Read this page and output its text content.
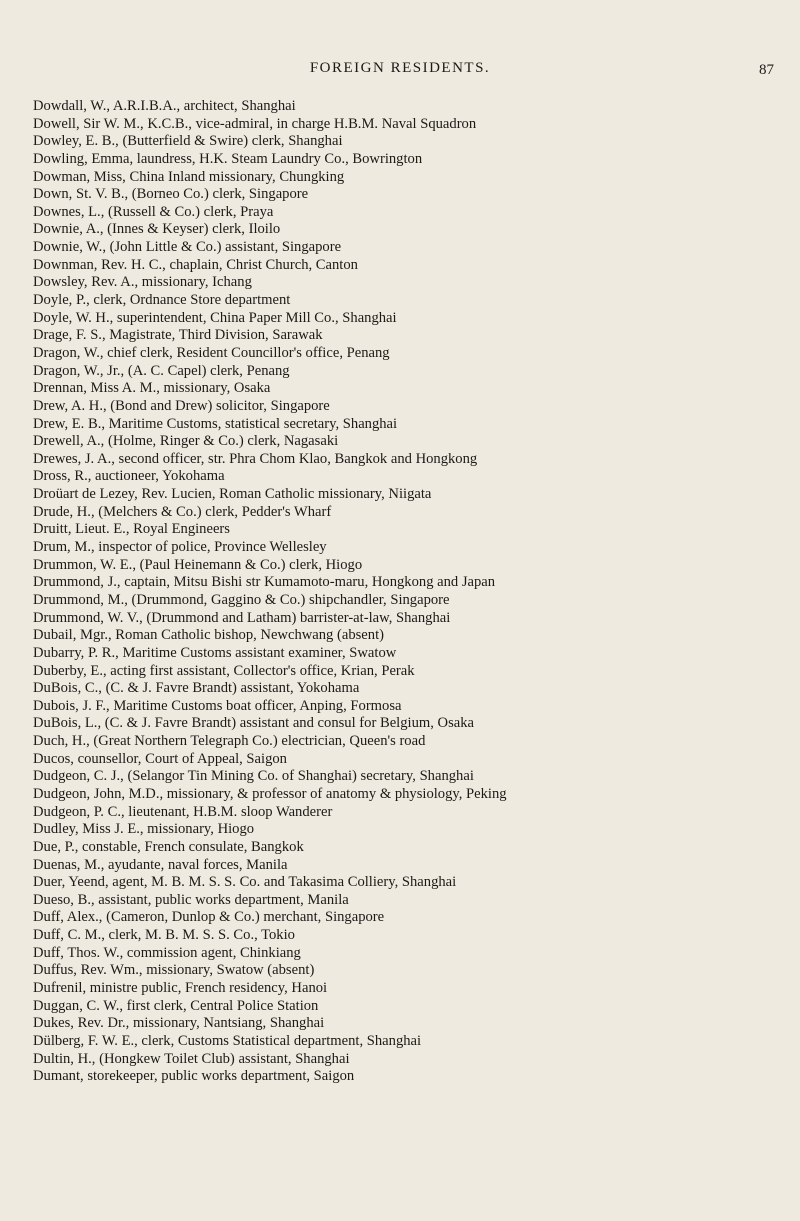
FOREIGN RESIDENTS.	87
Dowdall, W., A.R.I.B.A., architect, Shanghai
Dowell, Sir W. M., K.C.B., vice-admiral, in charge H.B.M. Naval Squadron
Dowley, E. B., (Butterfield & Swire) clerk, Shanghai
Dowling, Emma, laundress, H.K. Steam Laundry Co., Bowrington
Dowman, Miss, China Inland missionary, Chungking
Down, St. V. B., (Borneo Co.) clerk, Singapore
Downes, L., (Russell & Co.) clerk, Praya
Downie, A., (Innes & Keyser) clerk, Iloilo
Downie, W., (John Little & Co.) assistant, Singapore
Downman, Rev. H. C., chaplain, Christ Church, Canton
Dowsley, Rev. A., missionary, Ichang
Doyle, P., clerk, Ordnance Store department
Doyle, W. H., superintendent, China Paper Mill Co., Shanghai
Drage, F. S., Magistrate, Third Division, Sarawak
Dragon, W., chief clerk, Resident Councillor's office, Penang
Dragon, W., Jr., (A. C. Capel) clerk, Penang
Drennan, Miss A. M., missionary, Osaka
Drew, A. H., (Bond and Drew) solicitor, Singapore
Drew, E. B., Maritime Customs, statistical secretary, Shanghai
Drewell, A., (Holme, Ringer & Co.) clerk, Nagasaki
Drewes, J. A., second officer, str. Phra Chom Klao, Bangkok and Hongkong
Dross, R., auctioneer, Yokohama
Droüart de Lezey, Rev. Lucien, Roman Catholic missionary, Niigata
Drude, H., (Melchers & Co.) clerk, Pedder's Wharf
Druitt, Lieut. E., Royal Engineers
Drum, M., inspector of police, Province Wellesley
Drummon, W. E., (Paul Heinemann & Co.) clerk, Hiogo
Drummond, J., captain, Mitsu Bishi str Kumamoto-maru, Hongkong and Japan
Drummond, M., (Drummond, Gaggino & Co.) shipchandler, Singapore
Drummond, W. V., (Drummond and Latham) barrister-at-law, Shanghai
Dubail, Mgr., Roman Catholic bishop, Newchwang (absent)
Dubarry, P. R., Maritime Customs assistant examiner, Swatow
Duberby, E., acting first assistant, Collector's office, Krian, Perak
DuBois, C., (C. & J. Favre Brandt) assistant, Yokohama
Dubois, J. F., Maritime Customs boat officer, Anping, Formosa
DuBois, L., (C. & J. Favre Brandt) assistant and consul for Belgium, Osaka
Duch, H., (Great Northern Telegraph Co.) electrician, Queen's road
Ducos, counsellor, Court of Appeal, Saigon
Dudgeon, C. J., (Selangor Tin Mining Co. of Shanghai) secretary, Shanghai
Dudgeon, John, M.D., missionary, & professor of anatomy & physiology, Peking
Dudgeon, P. C., lieutenant, H.B.M. sloop Wanderer
Dudley, Miss J. E., missionary, Hiogo
Due, P., constable, French consulate, Bangkok
Duenas, M., ayudante, naval forces, Manila
Duer, Yeend, agent, M. B. M. S. S. Co. and Takasima Colliery, Shanghai
Dueso, B., assistant, public works department, Manila
Duff, Alex., (Cameron, Dunlop & Co.) merchant, Singapore
Duff, C. M., clerk, M. B. M. S. S. Co., Tokio
Duff, Thos. W., commission agent, Chinkiang
Duffus, Rev. Wm., missionary, Swatow (absent)
Dufrenil, ministre public, French residency, Hanoi
Duggan, C. W., first clerk, Central Police Station
Dukes, Rev. Dr., missionary, Nantsiang, Shanghai
Dülberg, F. W. E., clerk, Customs Statistical department, Shanghai
Dultin, H., (Hongkew Toilet Club) assistant, Shanghai
Dumant, storekeeper, public works department, Saigon
